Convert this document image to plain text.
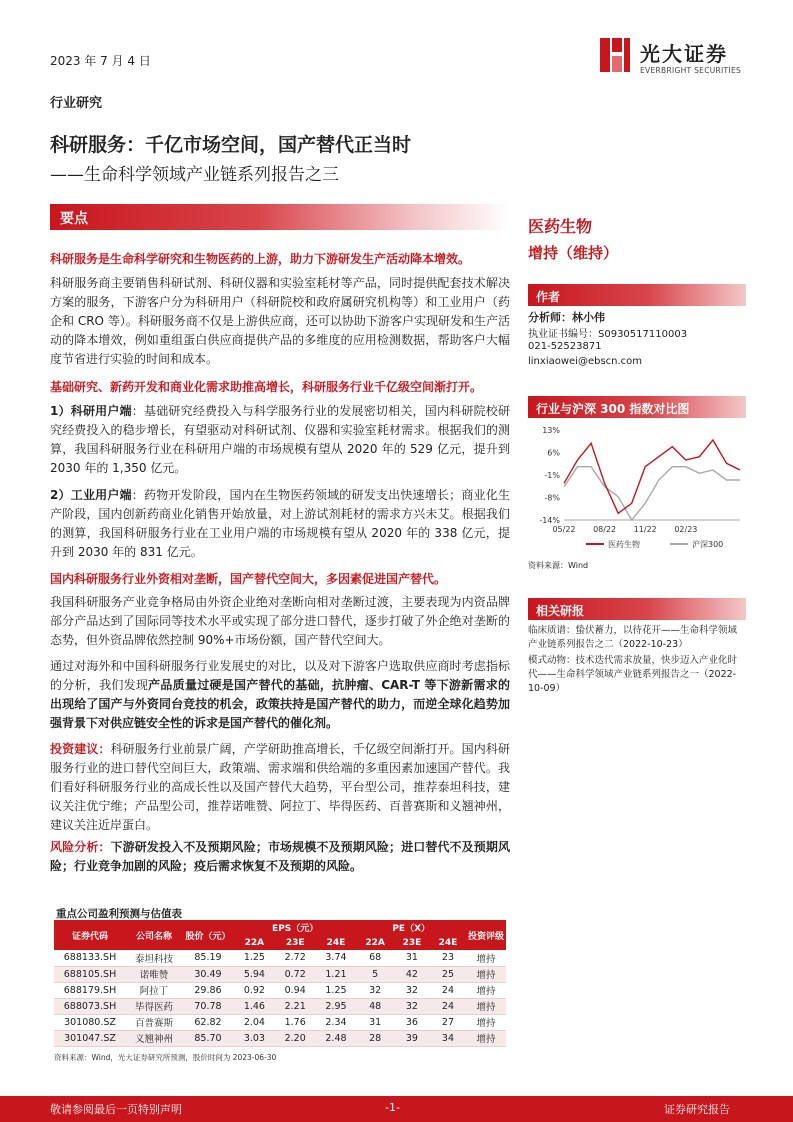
2023 年 7 月 4 日	光大证券
EVERBRIGHT SECURITIES
行业研究
科研服务：千亿市场空间，国产替代正当时
——生命科学领域产业链系列报告之三
要点
科研服务是生命科学研究和生物医药的上游，助力下游研发生产活动降本增效。
科研服务商主要销售科研试剂、科研仪器和实验室耗材等产品，同时提供配套技术解决方案的服务，下游客户分为科研用户（科研院校和政府属研究机构等）和工业用户（药企和 CRO 等）。科研服务商不仅是上游供应商，还可以协助下游客户实现研发和生产活动的降本增效，例如重组蛋白供应商提供产品的多维度的应用检测数据，帮助客户大幅度节省进行实验的时间和成本。
基础研究、新药开发和商业化需求助推高增长，科研服务行业千亿级空间渐打开。
1）科研用户端：基础研究经费投入与科学服务行业的发展密切相关，国内科研院校研究经费投入的稳步增长，有望驱动对科研试剂、仪器和实验室耗材需求。根据我们的测算，我国科研服务行业在科研用户端的市场规模有望从 2020 年的 529 亿元，提升到 2030 年的 1,350 亿元。
2）工业用户端：药物开发阶段，国内在生物医药领域的研发支出快速增长；商业化生产阶段，国内创新药商业化销售开始放量，对上游试剂耗材的需求方兴未艾。根据我们的测算，我国科研服务行业在工业用户端的市场规模有望从 2020 年的 338 亿元，提升到 2030 年的 831 亿元。
国内科研服务行业外资相对垄断，国产替代空间大，多因素促进国产替代。
我国科研服务产业竞争格局由外资企业绝对垄断向相对垄断过渡，主要表现为内资品牌部分产品达到了国际同等技术水平或实现了部分进口替代，逐步打破了外企绝对垄断的态势，但外资品牌依然控制 90%+市场份额，国产替代空间大。
通过对海外和中国科研服务行业发展史的对比，以及对下游客户选取供应商时考虑指标的分析，我们发现产品质量过硬是国产替代的基础，抗肿瘤、CAR-T 等下游新需求的出现给了国产与外资同台竞技的机会，政策扶持是国产替代的助力，而逆全球化趋势加强背景下对供应链安全性的诉求是国产替代的催化剂。
投资建议：科研服务行业前景广阔，产学研助推高增长，千亿级空间渐打开。国内科研服务行业的进口替代空间巨大，政策端、需求端和供给端的多重因素加速国产替代。我们看好科研服务行业的高成长性以及国产替代大趋势，平台型公司，推荐泰坦科技，建议关注优宁维；产品型公司，推荐诺唯赞、阿拉丁、毕得医药、百普赛斯和义翘神州，建议关注近岸蛋白。
风险分析：下游研发投入不及预期风险；市场规模不及预期风险；进口替代不及预期风险；行业竞争加剧的风险；疫后需求恢复不及预期的风险。
医药生物
增持（维持）
作者
分析师：林小伟
执业证书编号：S0930517110003
021-52523871
linxiaowei@ebscn.com
行业与沪深 300 指数对比图
13%
6%
-1%
-8%
-14%
05/22 08/22 11/22 02/23
医药生物	沪深300
资料来源：Wind
相关研报
临床质谱：蛰伏蓄力，以待花开——生命科学领域产业链系列报告之二（2022-10-23）
模式动物：技术迭代需求放量，快步迈入产业化时代——生命科学领域产业链系列报告之一（2022-10-09）
重点公司盈利预测与估值表
证券代码	公司名称	股价（元）	EPS（元）			PE（X）			投资评级
			22A	23E	24E	22A	23E	24E	
688133.SH	泰坦科技	85.19	1.25	2.72	3.74	68	31	23	增持
688105.SH	诺唯赞	30.49	5.94	0.72	1.21	5	42	25	增持
688179.SH	阿拉丁	29.86	0.92	0.94	1.25	32	32	24	增持
688073.SH	毕得医药	70.78	1.46	2.21	2.95	48	32	24	增持
301080.SZ	百普赛斯	62.82	2.04	1.76	2.34	31	36	27	增持
301047.SZ	义翘神州	85.70	3.03	2.20	2.48	28	39	34	增持
资料来源：Wind，光大证券研究所预测，股价时间为 2023-06-30
敬请参阅最后一页特别声明	-1-	证券研究报告
